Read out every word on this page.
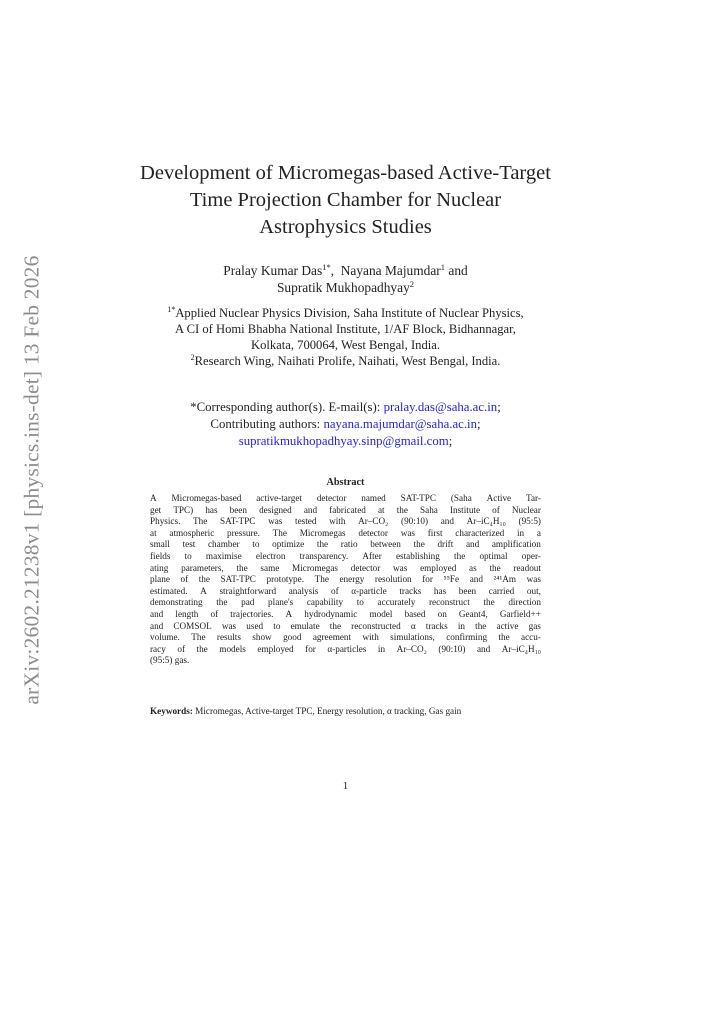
arXiv:2602.21238v1 [physics.ins-det] 13 Feb 2026
Development of Micromegas-based Active-Target
Time Projection Chamber for Nuclear
Astrophysics Studies
Pralay Kumar Das$^{1*}$,  Nayana Majumdar$^1$ and
Supratik Mukhopadhyay$^2$
$^{1*}$Applied Nuclear Physics Division, Saha Institute of Nuclear Physics,
A CI of Homi Bhabha National Institute, 1/AF Block, Bidhannagar,
Kolkata, 700064, West Bengal, India.
$^2$Research Wing, Naihati Prolife, Naihati, West Bengal, India.
*Corresponding author(s). E-mail(s): pralay.das@saha.ac.in;
Contributing authors: nayana.majumdar@saha.ac.in;
supratikmukhopadhyay.sinp@gmail.com;
Abstract
A Micromegas-based active-target detector named SAT-TPC (Saha Active Tar-
get TPC) has been designed and fabricated at the Saha Institute of Nuclear
Physics. The SAT-TPC was tested with Ar–CO₂ (90:10) and Ar–iC₄H₁₀ (95:5)
at atmospheric pressure. The Micromegas detector was first characterized in a
small test chamber to optimize the ratio between the drift and amplification
fields to maximise electron transparency. After establishing the optimal oper-
ating parameters, the same Micromegas detector was employed as the readout
plane of the SAT-TPC prototype. The energy resolution for ⁵⁵Fe and ²⁴¹Am was
estimated. A straightforward analysis of α-particle tracks has been carried out,
demonstrating the pad plane's capability to accurately reconstruct the direction
and length of trajectories. A hydrodynamic model based on Geant4, Garfield++
and COMSOL was used to emulate the reconstructed α tracks in the active gas
volume. The results show good agreement with simulations, confirming the accu-
racy of the models employed for α-particles in Ar–CO₂ (90:10) and Ar–iC₄H₁₀
(95:5) gas.
Keywords: Micromegas, Active-target TPC, Energy resolution, α tracking, Gas gain
1
